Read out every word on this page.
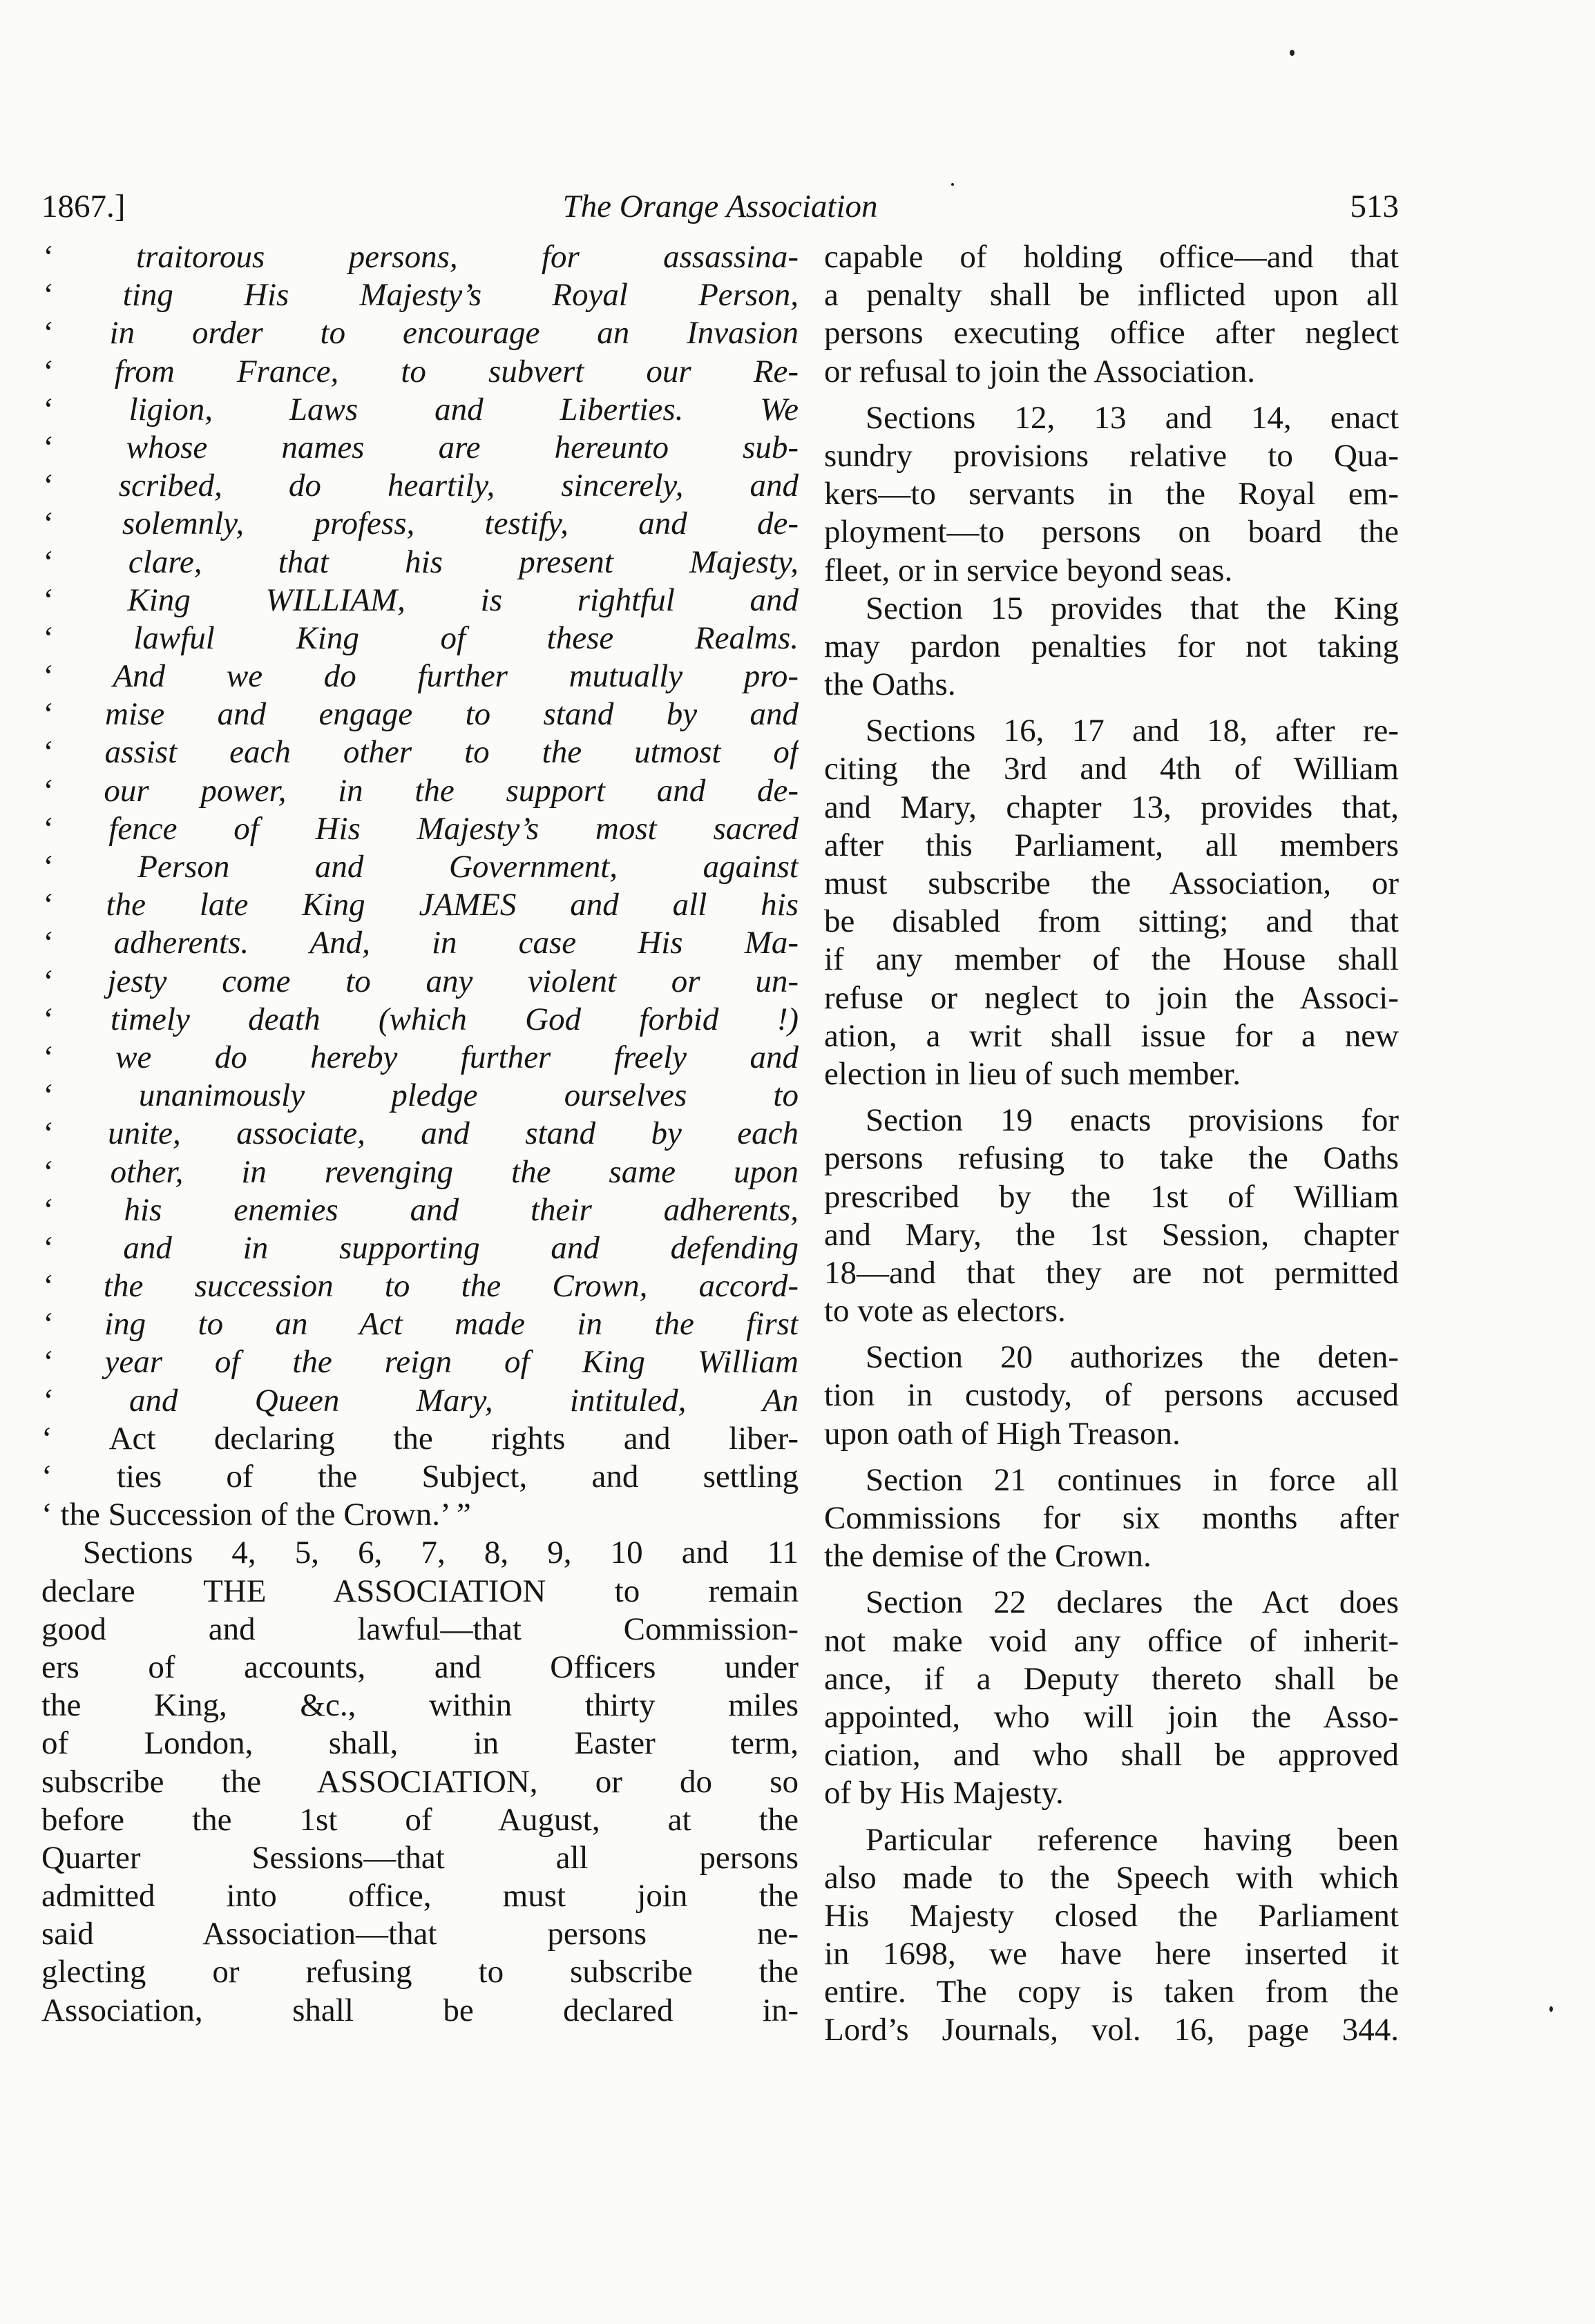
1867.]	The Orange Association	513
‘ traitorous persons, for assassina-
‘ ting His Majesty’s Royal Person,
‘ in order to encourage an Invasion
‘ from France, to subvert our Re-
‘ ligion, Laws and Liberties. We
‘ whose names are hereunto sub-
‘ scribed, do heartily, sincerely, and
‘ solemnly, profess, testify, and de-
‘ clare, that his present Majesty,
‘ King WILLIAM, is rightful and
‘ lawful King of these Realms.
‘ And we do further mutually pro-
‘ mise and engage to stand by and
‘ assist each other to the utmost of
‘ our power, in the support and de-
‘ fence of His Majesty’s most sacred
‘ Person and Government, against
‘ the late King JAMES and all his
‘ adherents. And, in case His Ma-
‘ jesty come to any violent or un-
‘ timely death (which God forbid !)
‘ we do hereby further freely and
‘ unanimously pledge ourselves to
‘ unite, associate, and stand by each
‘ other, in revenging the same upon
‘ his enemies and their adherents,
‘ and in supporting and defending
‘ the succession to the Crown, accord-
‘ ing to an Act made in the first
‘ year of the reign of King William
‘ and Queen Mary, intituled, An
‘ Act declaring the rights and liber-
‘ ties of the Subject, and settling
‘ the Succession of the Crown.’ ”
Sections 4, 5, 6, 7, 8, 9, 10 and 11
declare THE ASSOCIATION to remain
good and lawful—that Commission-
ers of accounts, and Officers under
the King, &c., within thirty miles
of London, shall, in Easter term,
subscribe the ASSOCIATION, or do so
before the 1st of August, at the
Quarter Sessions—that all persons
admitted into office, must join the
said Association—that persons ne-
glecting or refusing to subscribe the
Association, shall be declared in-
capable of holding office—and that
a penalty shall be inflicted upon all
persons executing office after neglect
or refusal to join the Association.
Sections 12, 13 and 14, enact
sundry provisions relative to Qua-
kers—to servants in the Royal em-
ployment—to persons on board the
fleet, or in service beyond seas.
Section 15 provides that the King
may pardon penalties for not taking
the Oaths.
Sections 16, 17 and 18, after re-
citing the 3rd and 4th of William
and Mary, chapter 13, provides that,
after this Parliament, all members
must subscribe the Association, or
be disabled from sitting; and that
if any member of the House shall
refuse or neglect to join the Associ-
ation, a writ shall issue for a new
election in lieu of such member.
Section 19 enacts provisions for
persons refusing to take the Oaths
prescribed by the 1st of William
and Mary, the 1st Session, chapter
18—and that they are not permitted
to vote as electors.
Section 20 authorizes the deten-
tion in custody, of persons accused
upon oath of High Treason.
Section 21 continues in force all
Commissions for six months after
the demise of the Crown.
Section 22 declares the Act does
not make void any office of inherit-
ance, if a Deputy thereto shall be
appointed, who will join the Asso-
ciation, and who shall be approved
of by His Majesty.
Particular reference having been
also made to the Speech with which
His Majesty closed the Parliament
in 1698, we have here inserted it
entire. The copy is taken from the
Lord’s Journals, vol. 16, page 344.
